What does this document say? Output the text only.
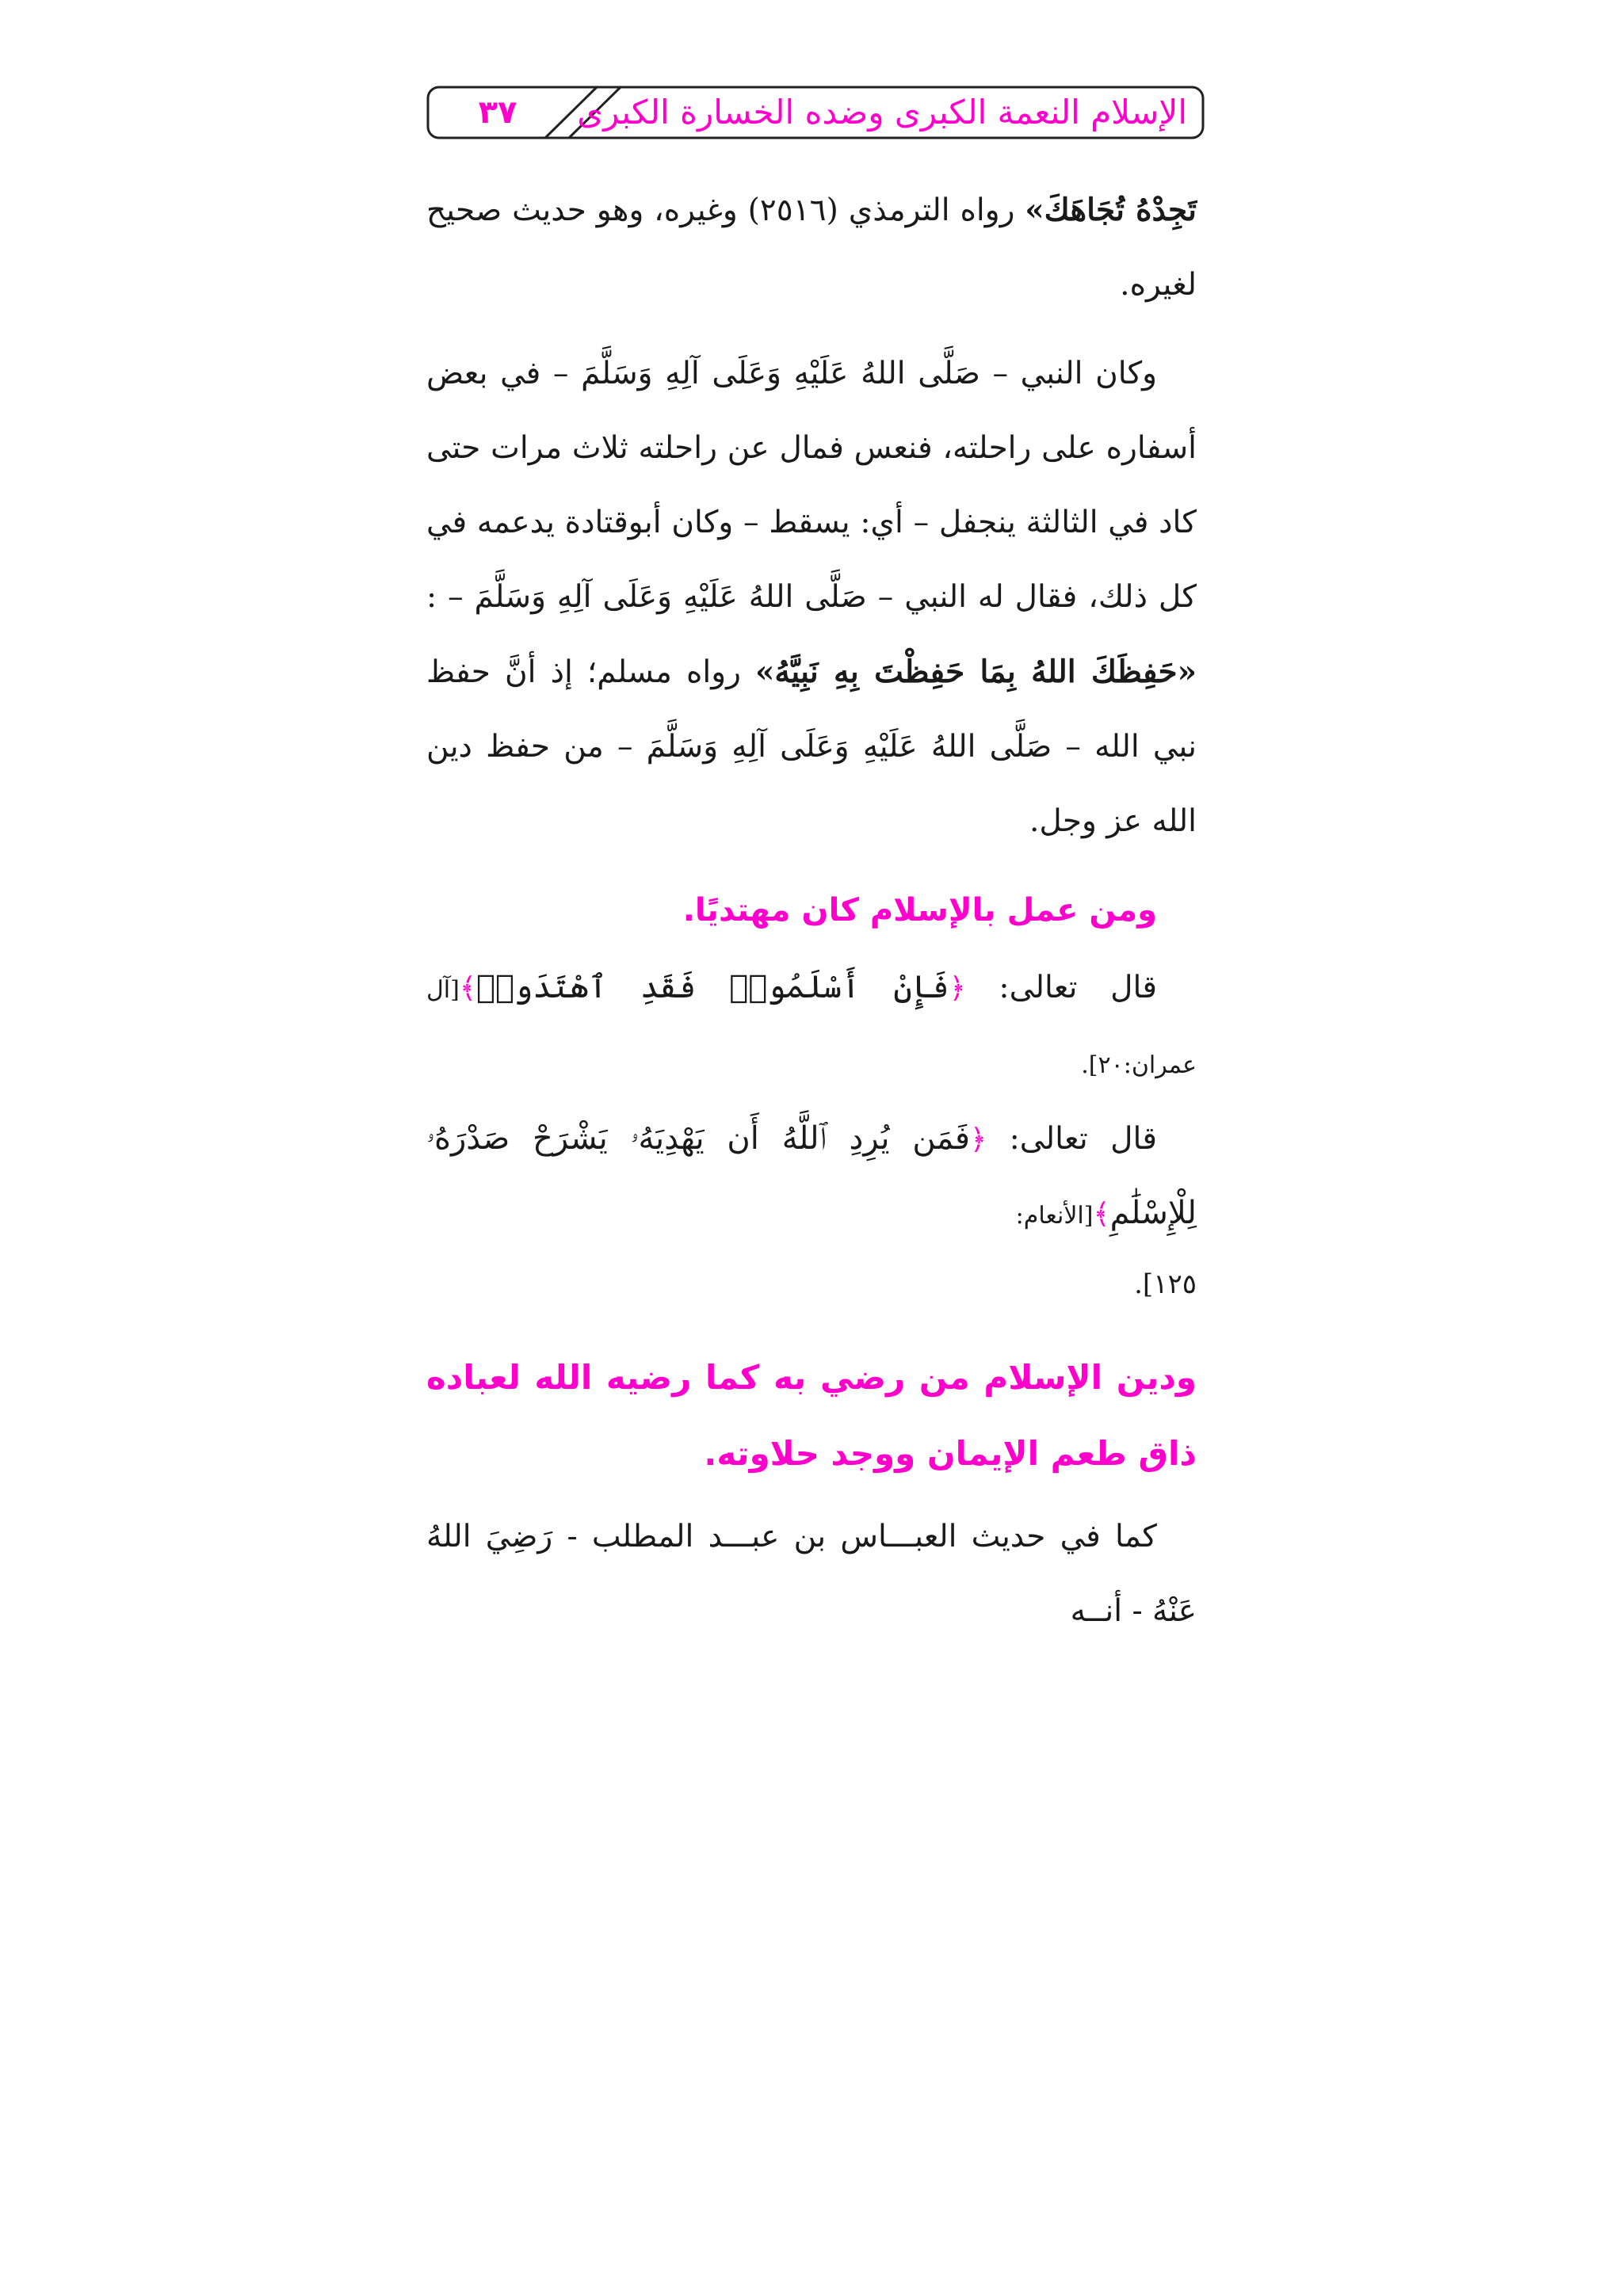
٣٧	الإسلام النعمة الكبرى وضده الخسارة الكبرى

تَجِدْهُ تُجَاهَكَ» رواه الترمذي (٢٥١٦) وغيره، وهو حديث صحيح لغيره.

وكان النبي – صَلَّى اللهُ عَلَيْهِ وَعَلَى آلِهِ وَسَلَّمَ – في بعض أسفاره على راحلته، فنعس فمال عن راحلته ثلاث مرات حتى كاد في الثالثة ينجفل – أي: يسقط – وكان أبوقتادة يدعمه في كل ذلك، فقال له النبي – صَلَّى اللهُ عَلَيْهِ وَعَلَى آلِهِ وَسَلَّمَ – : «حَفِظَكَ اللهُ بِمَا حَفِظْتَ بِهِ نَبِيَّهُ» رواه مسلم؛ إذ أنَّ حفظ نبي الله – صَلَّى اللهُ عَلَيْهِ وَعَلَى آلِهِ وَسَلَّمَ – من حفظ دين الله عز وجل.

ومن عمل بالإسلام كان مهتديًا.

قال تعالى: ﴿فَإِنْ أَسْلَمُوا۟ فَقَدِ ٱهْتَدَوا۟﴾[آل عمران:٢٠].

قال تعالى: ﴿فَمَن يُرِدِ ٱللَّهُ أَن يَهْدِيَهُۥ يَشْرَحْ صَدْرَهُۥ لِلْإِسْلَٰمِ﴾[الأنعام:

١٢٥].

ودين الإسلام من رضي به كما رضيه الله لعباده ذاق طعم الإيمان ووجد حلاوته.

كما في حديث العبـــاس بن عبـــد المطلب - رَضِيَ اللهُ عَنْهُ - أنــه
